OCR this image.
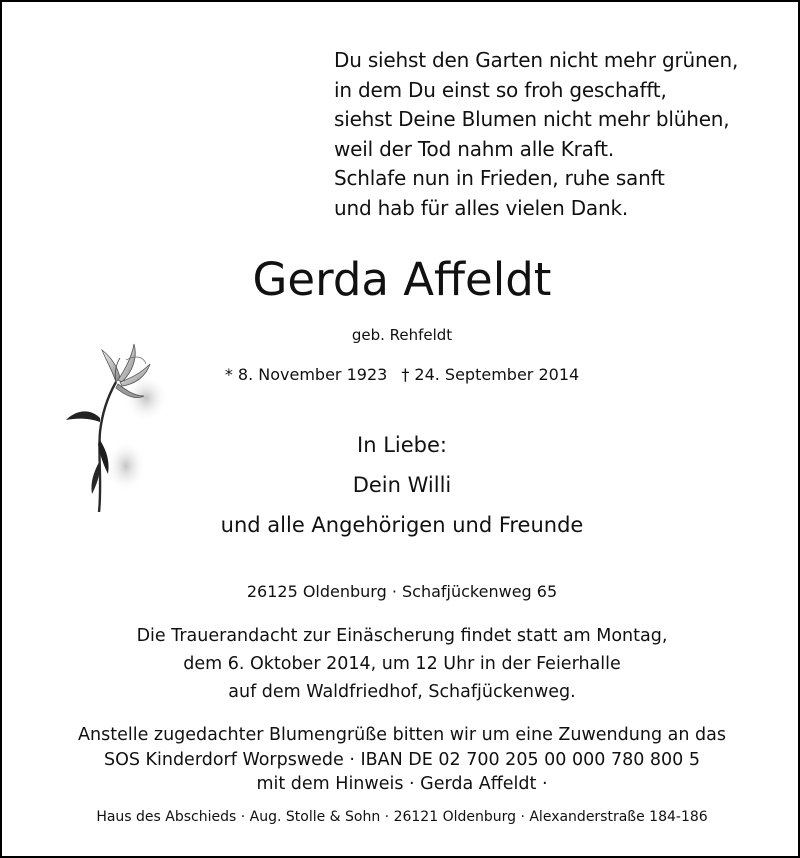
Du siehst den Garten nicht mehr grünen,
in dem Du einst so froh geschafft,
siehst Deine Blumen nicht mehr blühen,
weil der Tod nahm alle Kraft.
Schlafe nun in Frieden, ruhe sanft
und hab für alles vielen Dank.
Gerda Affeldt
geb. Rehfeldt
* 8. November 1923 † 24. September 2014
In Liebe:
Dein Willi
und alle Angehörigen und Freunde
26125 Oldenburg · Schafjückenweg 65
Die Trauerandacht zur Einäscherung findet statt am Montag,
dem 6. Oktober 2014, um 12 Uhr in der Feierhalle
auf dem Waldfriedhof, Schafjückenweg.
Anstelle zugedachter Blumengrüße bitten wir um eine Zuwendung an das
SOS Kinderdorf Worpswede · IBAN DE 02 700 205 00 000 780 800 5
mit dem Hinweis · Gerda Affeldt ·
Haus des Abschieds · Aug. Stolle & Sohn · 26121 Oldenburg · Alexanderstraße 184-186
